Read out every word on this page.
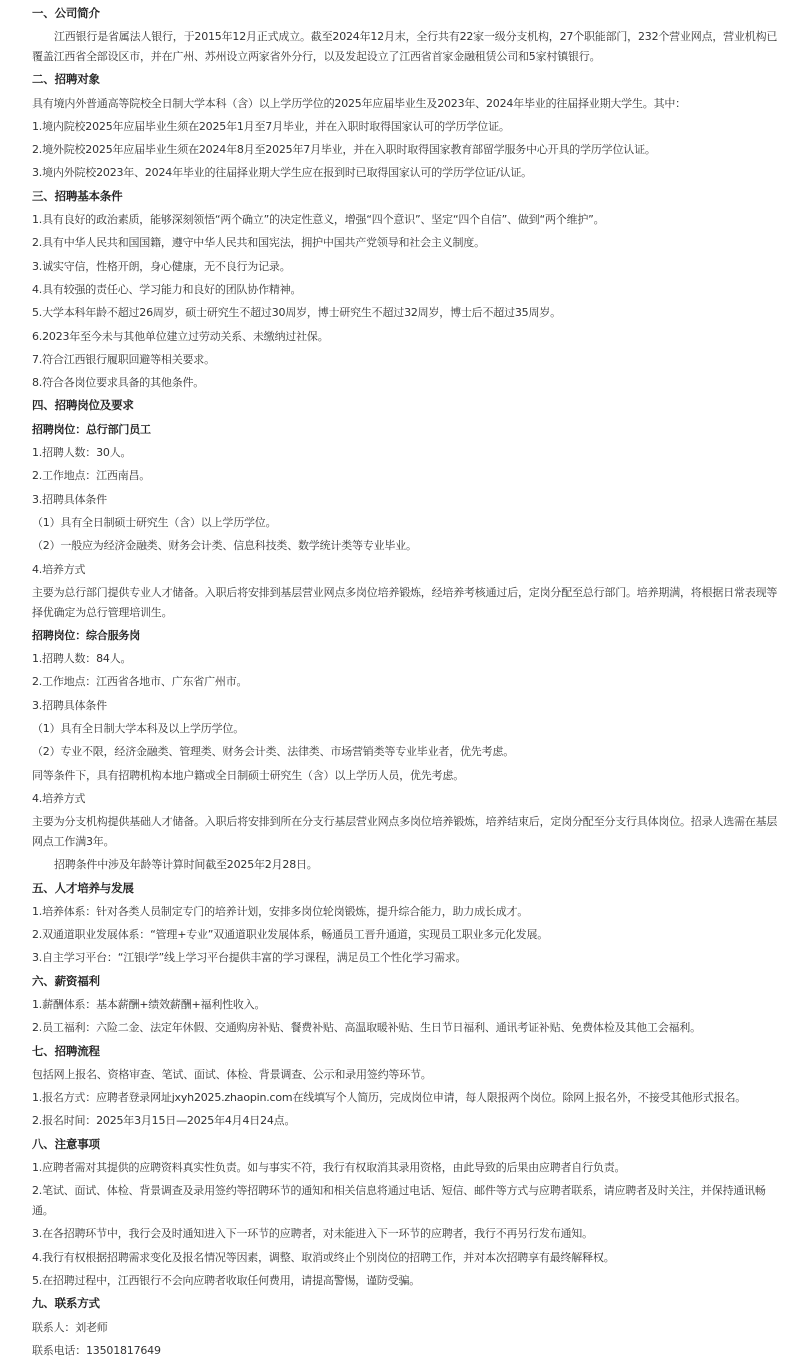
一、公司简介

江西银行是省属法人银行，于2015年12月正式成立。截至2024年12月末，全行共有22家一级分支机构，27个职能部门，232个营业网点，营业机构已覆盖江西省全部设区市，并在广州、苏州设立两家省外分行，以及发起设立了江西省首家金融租赁公司和5家村镇银行。

二、招聘对象

具有境内外普通高等院校全日制大学本科（含）以上学历学位的2025年应届毕业生及2023年、2024年毕业的往届择业期大学生。其中：

1.境内院校2025年应届毕业生须在2025年1月至7月毕业，并在入职时取得国家认可的学历学位证。

2.境外院校2025年应届毕业生须在2024年8月至2025年7月毕业，并在入职时取得国家教育部留学服务中心开具的学历学位认证。

3.境内外院校2023年、2024年毕业的往届择业期大学生应在报到时已取得国家认可的学历学位证/认证。

三、招聘基本条件

1.具有良好的政治素质，能够深刻领悟“两个确立”的决定性意义，增强“四个意识”、坚定“四个自信”、做到“两个维护”。

2.具有中华人民共和国国籍，遵守中华人民共和国宪法，拥护中国共产党领导和社会主义制度。

3.诚实守信，性格开朗，身心健康，无不良行为记录。

4.具有较强的责任心、学习能力和良好的团队协作精神。

5.大学本科年龄不超过26周岁，硕士研究生不超过30周岁，博士研究生不超过32周岁，博士后不超过35周岁。

6.2023年至今未与其他单位建立过劳动关系、未缴纳过社保。

7.符合江西银行履职回避等相关要求。

8.符合各岗位要求具备的其他条件。

四、招聘岗位及要求

招聘岗位：总行部门员工

1.招聘人数：30人。

2.工作地点：江西南昌。

3.招聘具体条件

（1）具有全日制硕士研究生（含）以上学历学位。

（2）一般应为经济金融类、财务会计类、信息科技类、数学统计类等专业毕业。

4.培养方式

主要为总行部门提供专业人才储备。入职后将安排到基层营业网点多岗位培养锻炼，经培养考核通过后，定岗分配至总行部门。培养期满，将根据日常表现等择优确定为总行管理培训生。

招聘岗位：综合服务岗

1.招聘人数：84人。

2.工作地点：江西省各地市、广东省广州市。

3.招聘具体条件

（1）具有全日制大学本科及以上学历学位。

（2）专业不限，经济金融类、管理类、财务会计类、法律类、市场营销类等专业毕业者，优先考虑。

同等条件下，具有招聘机构本地户籍或全日制硕士研究生（含）以上学历人员，优先考虑。

4.培养方式

主要为分支机构提供基础人才储备。入职后将安排到所在分支行基层营业网点多岗位培养锻炼，培养结束后，定岗分配至分支行具体岗位。招录人选需在基层网点工作满3年。

招聘条件中涉及年龄等计算时间截至2025年2月28日。

五、人才培养与发展

1.培养体系：针对各类人员制定专门的培养计划，安排多岗位轮岗锻炼，提升综合能力，助力成长成才。

2.双通道职业发展体系：“管理+专业”双通道职业发展体系，畅通员工晋升通道，实现员工职业多元化发展。

3.自主学习平台：“江银i学”线上学习平台提供丰富的学习课程，满足员工个性化学习需求。

六、薪资福利

1.薪酬体系：基本薪酬+绩效薪酬+福利性收入。

2.员工福利：六险二金、法定年休假、交通购房补贴、餐费补贴、高温取暖补贴、生日节日福利、通讯考证补贴、免费体检及其他工会福利。

七、招聘流程

包括网上报名、资格审查、笔试、面试、体检、背景调查、公示和录用签约等环节。

1.报名方式：应聘者登录网址jxyh2025.zhaopin.com在线填写个人简历，完成岗位申请，每人限报两个岗位。除网上报名外，不接受其他形式报名。

2.报名时间：2025年3月15日—2025年4月4日24点。

八、注意事项

1.应聘者需对其提供的应聘资料真实性负责。如与事实不符，我行有权取消其录用资格，由此导致的后果由应聘者自行负责。

2.笔试、面试、体检、背景调查及录用签约等招聘环节的通知和相关信息将通过电话、短信、邮件等方式与应聘者联系，请应聘者及时关注，并保持通讯畅通。

3.在各招聘环节中，我行会及时通知进入下一环节的应聘者，对未能进入下一环节的应聘者，我行不再另行发布通知。

4.我行有权根据招聘需求变化及报名情况等因素，调整、取消或终止个别岗位的招聘工作，并对本次招聘享有最终解释权。

5.在招聘过程中，江西银行不会向应聘者收取任何费用，请提高警惕，谨防受骗。

九、联系方式

联系人：刘老师

联系电话：13501817649
